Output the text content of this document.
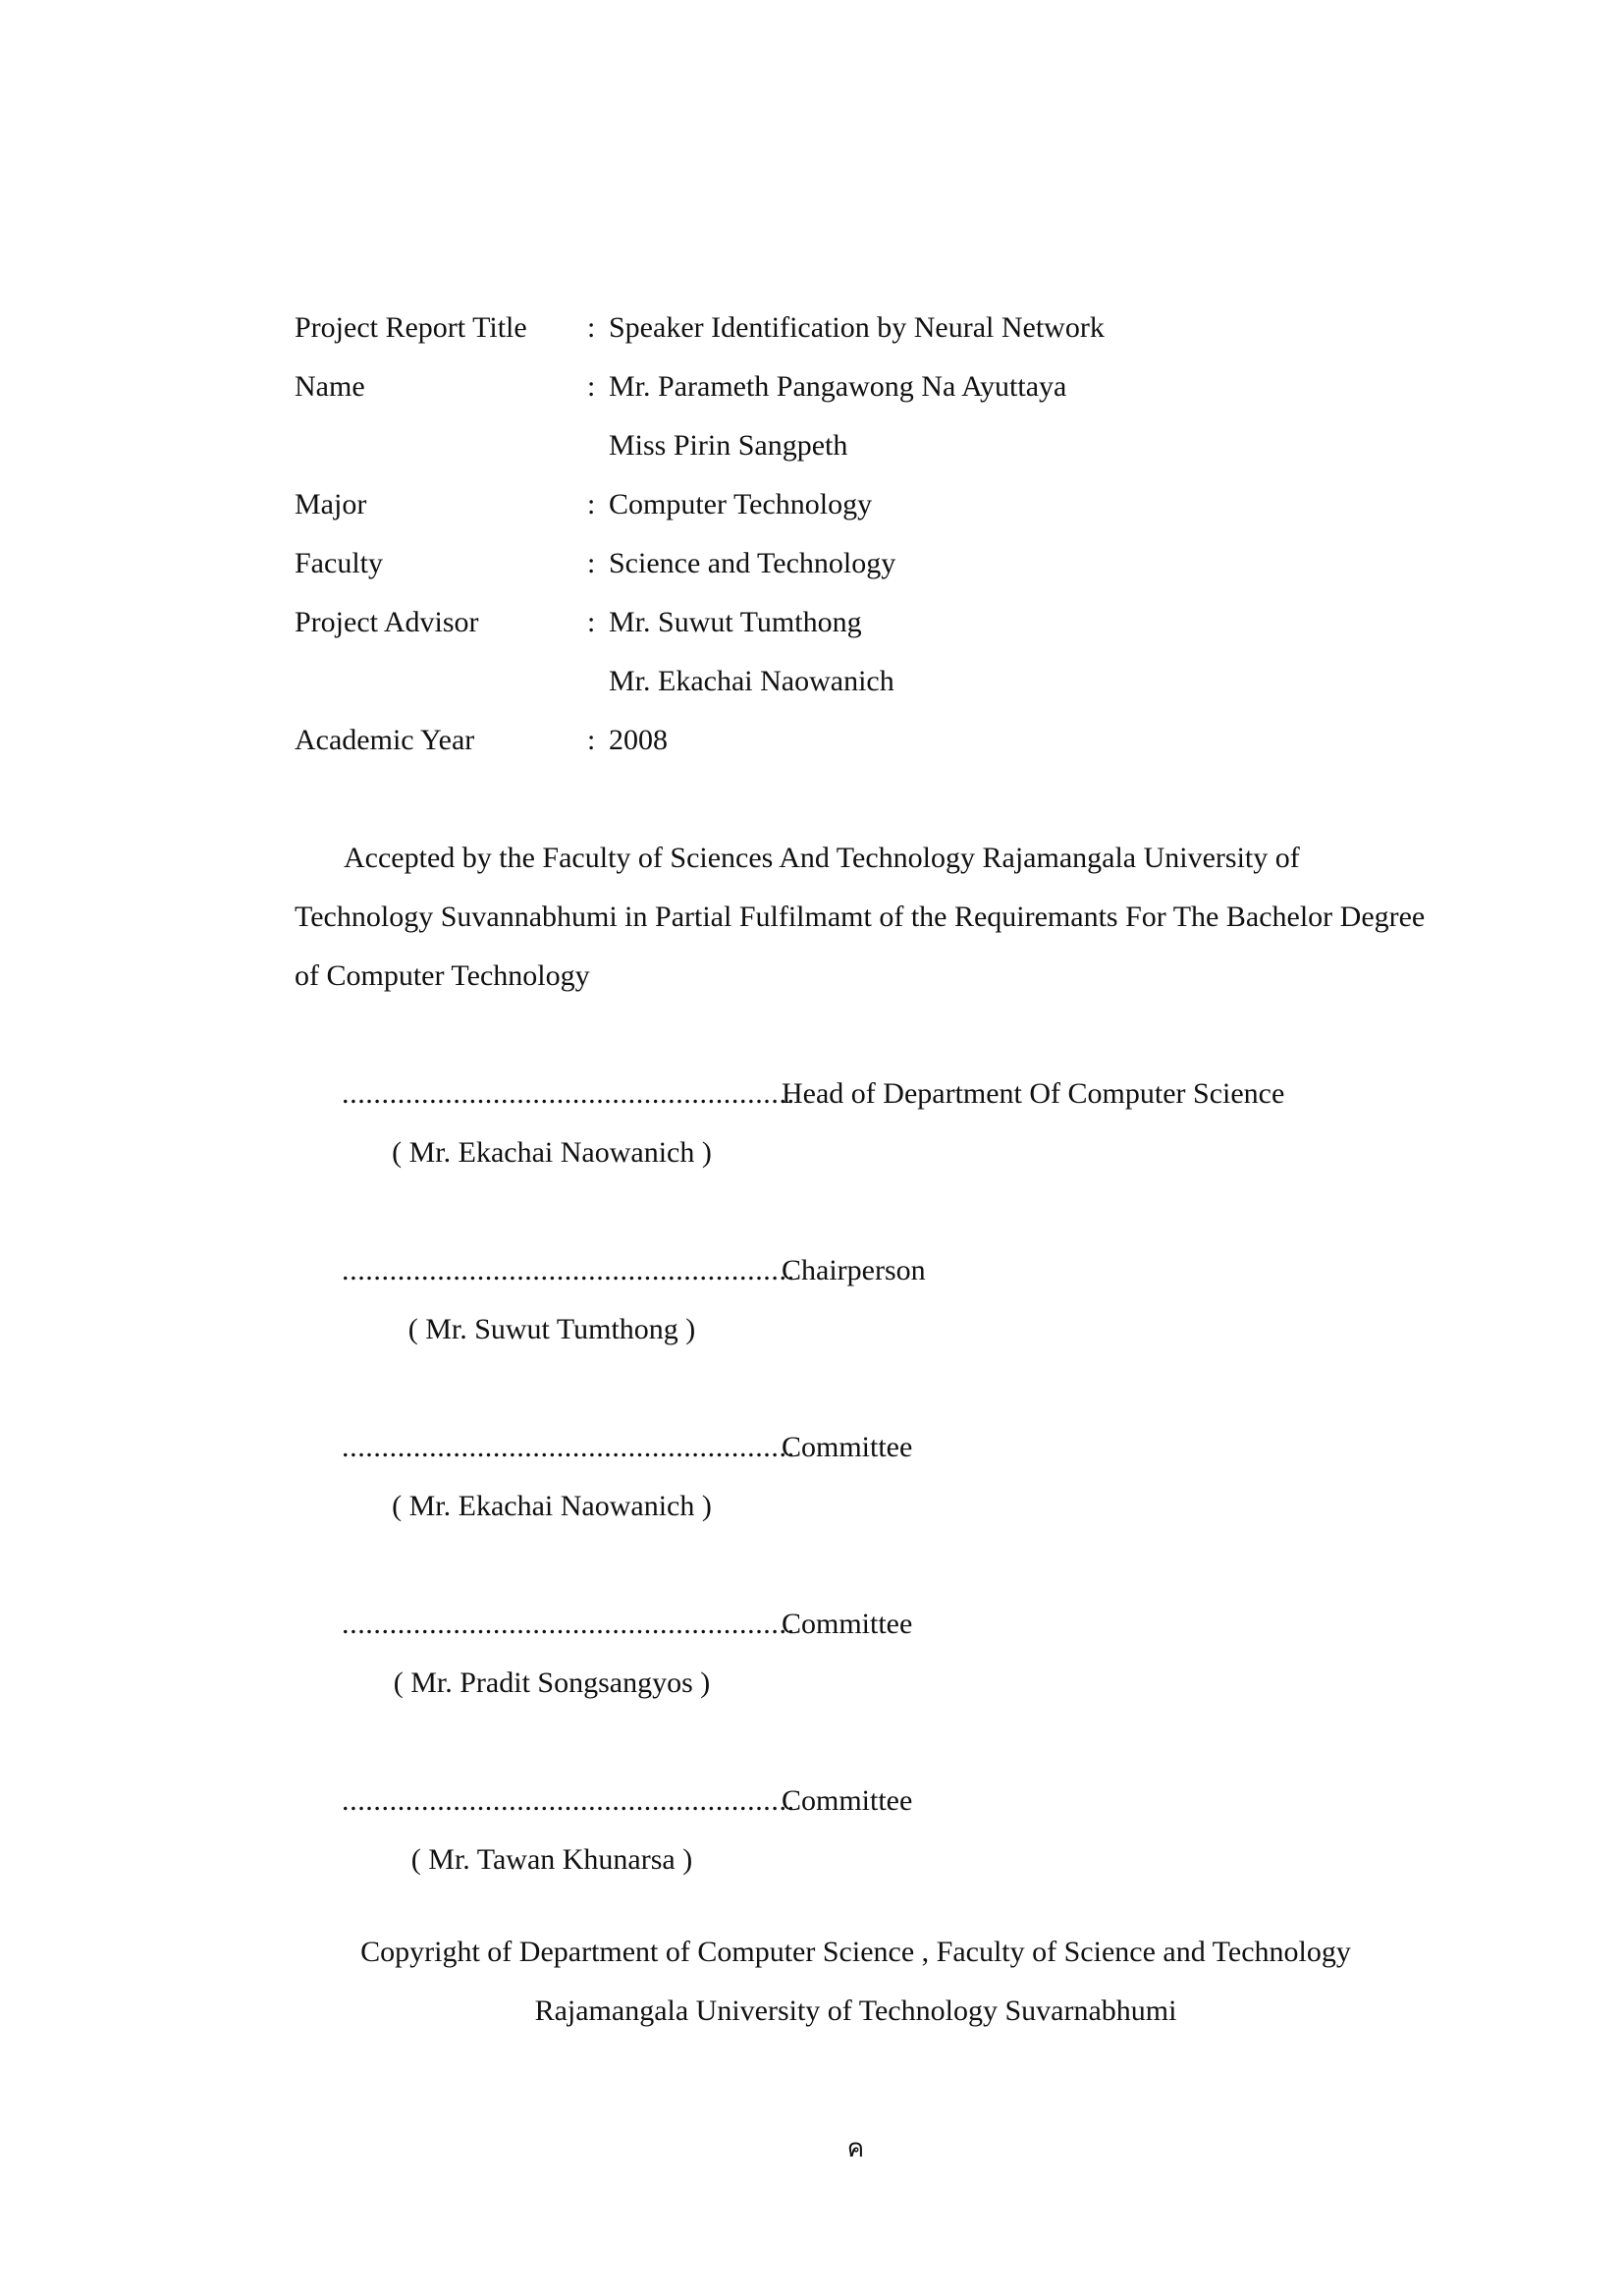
Project Report Title : Speaker Identification by Neural Network
Name	: Mr. Parameth Pangawong Na Ayuttaya
Miss Pirin Sangpeth
Major	: Computer Technology
Faculty	: Science and Technology
Project Advisor	: Mr. Suwut Tumthong
Mr. Ekachai Naowanich
Academic Year	: 2008
Accepted by the Faculty of Sciences And Technology Rajamangala University of
Technology Suvannabhumi in Partial Fulfilmamt of the Requiremants For The Bachelor Degree
of Computer Technology
.........................................................
Head of Department Of Computer Science
( Mr. Ekachai Naowanich )
.........................................................
Chairperson
( Mr. Suwut Tumthong )
.........................................................
Committee
( Mr. Ekachai Naowanich )
.........................................................
Committee
( Mr. Pradit Songsangyos )
.........................................................
Committee
( Mr. Tawan Khunarsa )
Copyright of Department of Computer Science , Faculty of Science and Technology
Rajamangala University of Technology Suvarnabhumi
ค
